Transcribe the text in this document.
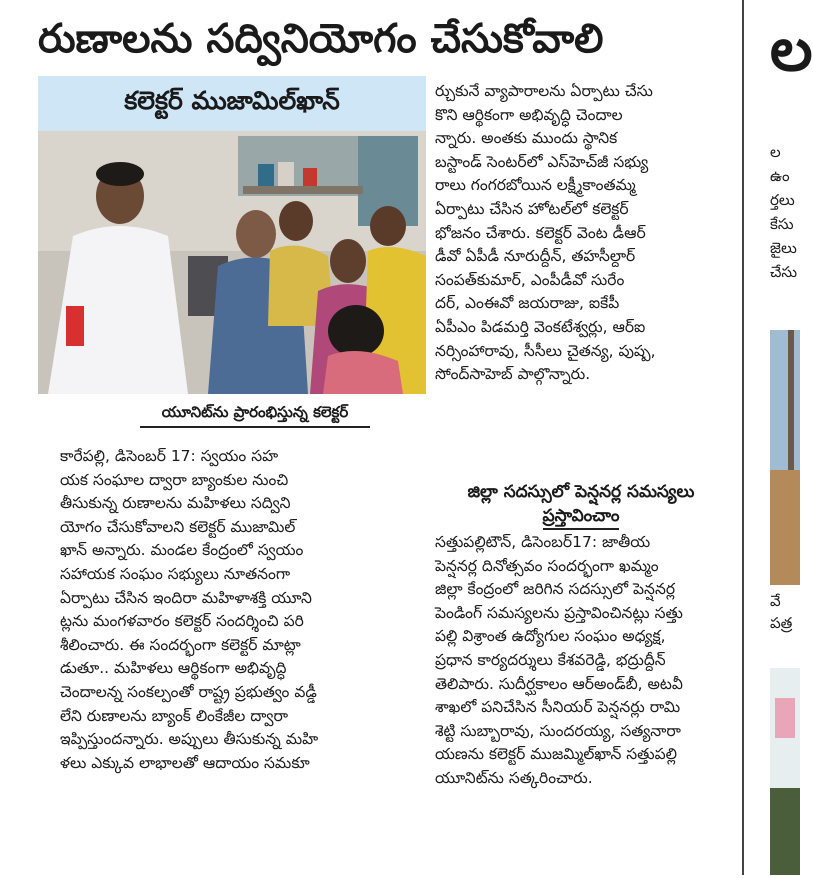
రుణాలను సద్వినియోగం చేసుకోవాలి	ల
కలెక్టర్ ముజామిల్‌ఖాన్
యూనిట్‌ను ప్రారంభిస్తున్న కలెక్టర్
కారేపల్లి, డిసెంబర్ 17: స్వయం సహ
యక సంఘాల ద్వారా బ్యాంకుల నుంచి
తీసుకున్న రుణాలను మహిళలు సద్విని
యోగం చేసుకోవాలని కలెక్టర్ ముజామిల్
ఖాన్ అన్నారు. మండల కేంద్రంలో స్వయం
సహాయక సంఘం సభ్యులు నూతనంగా
ఏర్పాటు చేసిన ఇందిరా మహిళాశక్తి యూని
ట్లను మంగళవారం కలెక్టర్ సందర్శించి పరి
శీలించారు. ఈ సందర్భంగా కలెక్టర్ మాట్లా
డుతూ.. మహిళలు ఆర్థికంగా అభివృద్ధి
చెందాలన్న సంకల్పంతో రాష్ట్ర ప్రభుత్వం వడ్డీ
లేని రుణాలను బ్యాంక్ లింకేజీల ద్వారా
ఇప్పిస్తుందన్నారు. అప్పులు తీసుకున్న మహి
ళలు ఎక్కువ లాభాలతో ఆదాయం సమకూ
ర్చుకునే వ్యాపారాలను ఏర్పాటు చేసు
కొని ఆర్థికంగా అభివృద్ధి చెందాల
న్నారు. అంతకు ముందు స్థానిక
బస్టాండ్ సెంటర్‌లో ఎస్‌హెచ్‌జీ సభ్యు
రాలు గంగరబోయిన లక్ష్మీకాంతమ్మ
ఏర్పాటు చేసిన హోటల్‌లో కలెక్టర్
భోజనం చేశారు. కలెక్టర్ వెంట డీఆర్
డీవో ఏపీడీ నూరుద్దీన్, తహసీల్దార్
సంపత్‌కుమార్, ఎంపీడీవో సురేం
దర్, ఎంఈవో జయరాజు, ఐకేపీ
ఏపీఎం పిడమర్తి వెంకటేశ్వర్లు, ఆర్‌ఐ
నర్సింహారావు, సీసీలు చైతన్య, పుష్ప,
సోంద్‌సాహెబ్ పాల్గొన్నారు.
జిల్లా సదస్సులో పెన్షనర్ల సమస్యలు
ప్రస్తావించాం
సత్తుపల్లిటౌన్, డిసెంబర్17: జాతీయ
పెన్షనర్ల దినోత్సవం సందర్భంగా ఖమ్మం
జిల్లా కేంద్రంలో జరిగిన సదస్సులో పెన్షనర్ల
పెండింగ్ సమస్యలను ప్రస్తావించినట్లు సత్తు
పల్లి విశ్రాంత ఉద్యోగుల సంఘం అధ్యక్ష,
ప్రధాన కార్యదర్శులు కేశవరెడ్డి, భద్రుద్దీన్
తెలిపారు. సుదీర్ఘకాలం ఆర్‌అండ్‌బీ, అటవీ
శాఖలో పనిచేసిన సీనియర్ పెన్షనర్లు రామి
శెట్టి సుబ్బారావు, సుందరయ్య, సత్యనారా
యణను కలెక్టర్ ముజమ్మిల్‌ఖాన్ సత్తుపల్లి
యూనిట్‌ను సత్కరించారు.
ల
ఉం
ర్తలు
కేసు
జైలు
చేసు
వే
పత్ర
